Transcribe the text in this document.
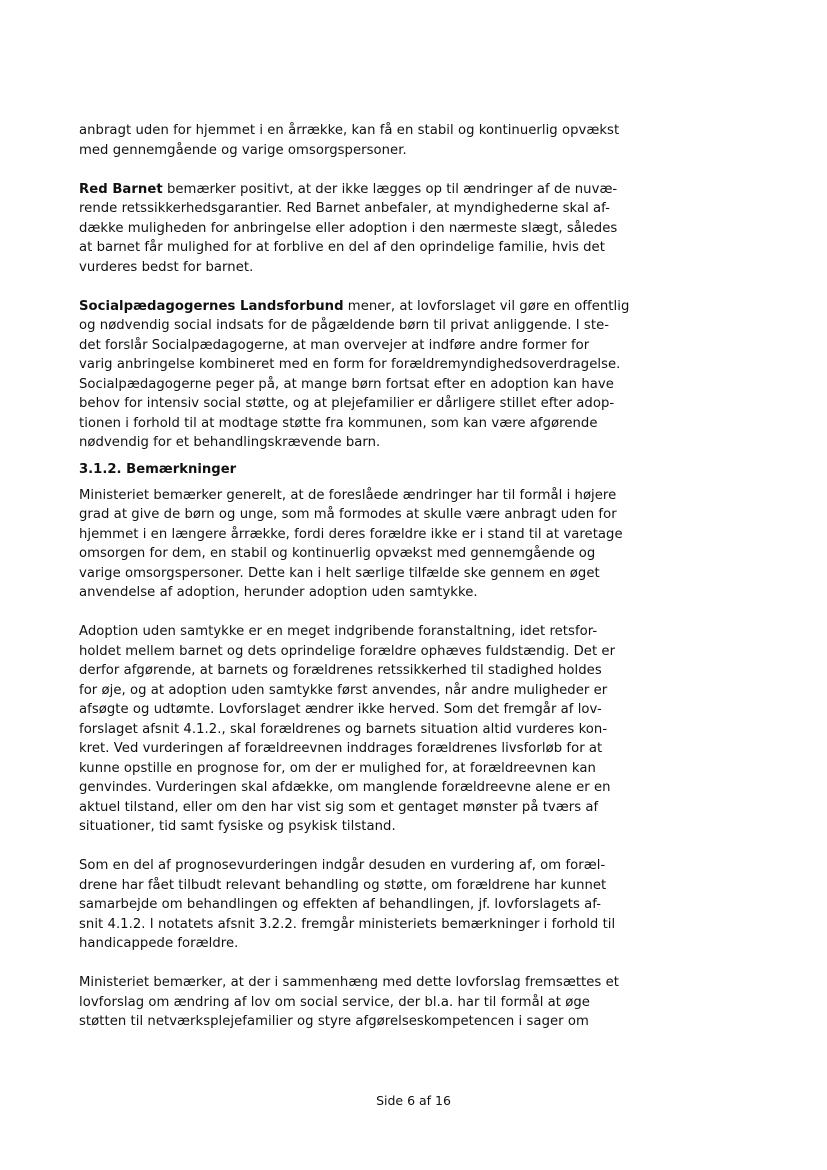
anbragt uden for hjemmet i en årrække, kan få en stabil og kontinuerlig opvækst
med gennemgående og varige omsorgspersoner.
Red Barnet bemærker positivt, at der ikke lægges op til ændringer af de nuvæ-
rende retssikkerhedsgarantier. Red Barnet anbefaler, at myndighederne skal af-
dække muligheden for anbringelse eller adoption i den nærmeste slægt, således
at barnet får mulighed for at forblive en del af den oprindelige familie, hvis det
vurderes bedst for barnet.
Socialpædagogernes Landsforbund mener, at lovforslaget vil gøre en offentlig
og nødvendig social indsats for de pågældende børn til privat anliggende. I ste-
det forslår Socialpædagogerne, at man overvejer at indføre andre former for
varig anbringelse kombineret med en form for forældremyndighedsoverdragelse.
Socialpædagogerne peger på, at mange børn fortsat efter en adoption kan have
behov for intensiv social støtte, og at plejefamilier er dårligere stillet efter adop-
tionen i forhold til at modtage støtte fra kommunen, som kan være afgørende
nødvendig for et behandlingskrævende barn.
3.1.2. Bemærkninger
Ministeriet bemærker generelt, at de foreslåede ændringer har til formål i højere
grad at give de børn og unge, som må formodes at skulle være anbragt uden for
hjemmet i en længere årrække, fordi deres forældre ikke er i stand til at varetage
omsorgen for dem, en stabil og kontinuerlig opvækst med gennemgående og
varige omsorgspersoner. Dette kan i helt særlige tilfælde ske gennem en øget
anvendelse af adoption, herunder adoption uden samtykke.
Adoption uden samtykke er en meget indgribende foranstaltning, idet retsfor-
holdet mellem barnet og dets oprindelige forældre ophæves fuldstændig. Det er
derfor afgørende, at barnets og forældrenes retssikkerhed til stadighed holdes
for øje, og at adoption uden samtykke først anvendes, når andre muligheder er
afsøgte og udtømte. Lovforslaget ændrer ikke herved. Som det fremgår af lov-
forslaget afsnit 4.1.2., skal forældrenes og barnets situation altid vurderes kon-
kret. Ved vurderingen af forældreevnen inddrages forældrenes livsforløb for at
kunne opstille en prognose for, om der er mulighed for, at forældreevnen kan
genvindes. Vurderingen skal afdække, om manglende forældreevne alene er en
aktuel tilstand, eller om den har vist sig som et gentaget mønster på tværs af
situationer, tid samt fysiske og psykisk tilstand.
Som en del af prognosevurderingen indgår desuden en vurdering af, om foræl-
drene har fået tilbudt relevant behandling og støtte, om forældrene har kunnet
samarbejde om behandlingen og effekten af behandlingen, jf. lovforslagets af-
snit 4.1.2. I notatets afsnit 3.2.2. fremgår ministeriets bemærkninger i forhold til
handicappede forældre.
Ministeriet bemærker, at der i sammenhæng med dette lovforslag fremsættes et
lovforslag om ændring af lov om social service, der bl.a. har til formål at øge
støtten til netværksplejefamilier og styre afgørelseskompetencen i sager om
Side 6 af 16
